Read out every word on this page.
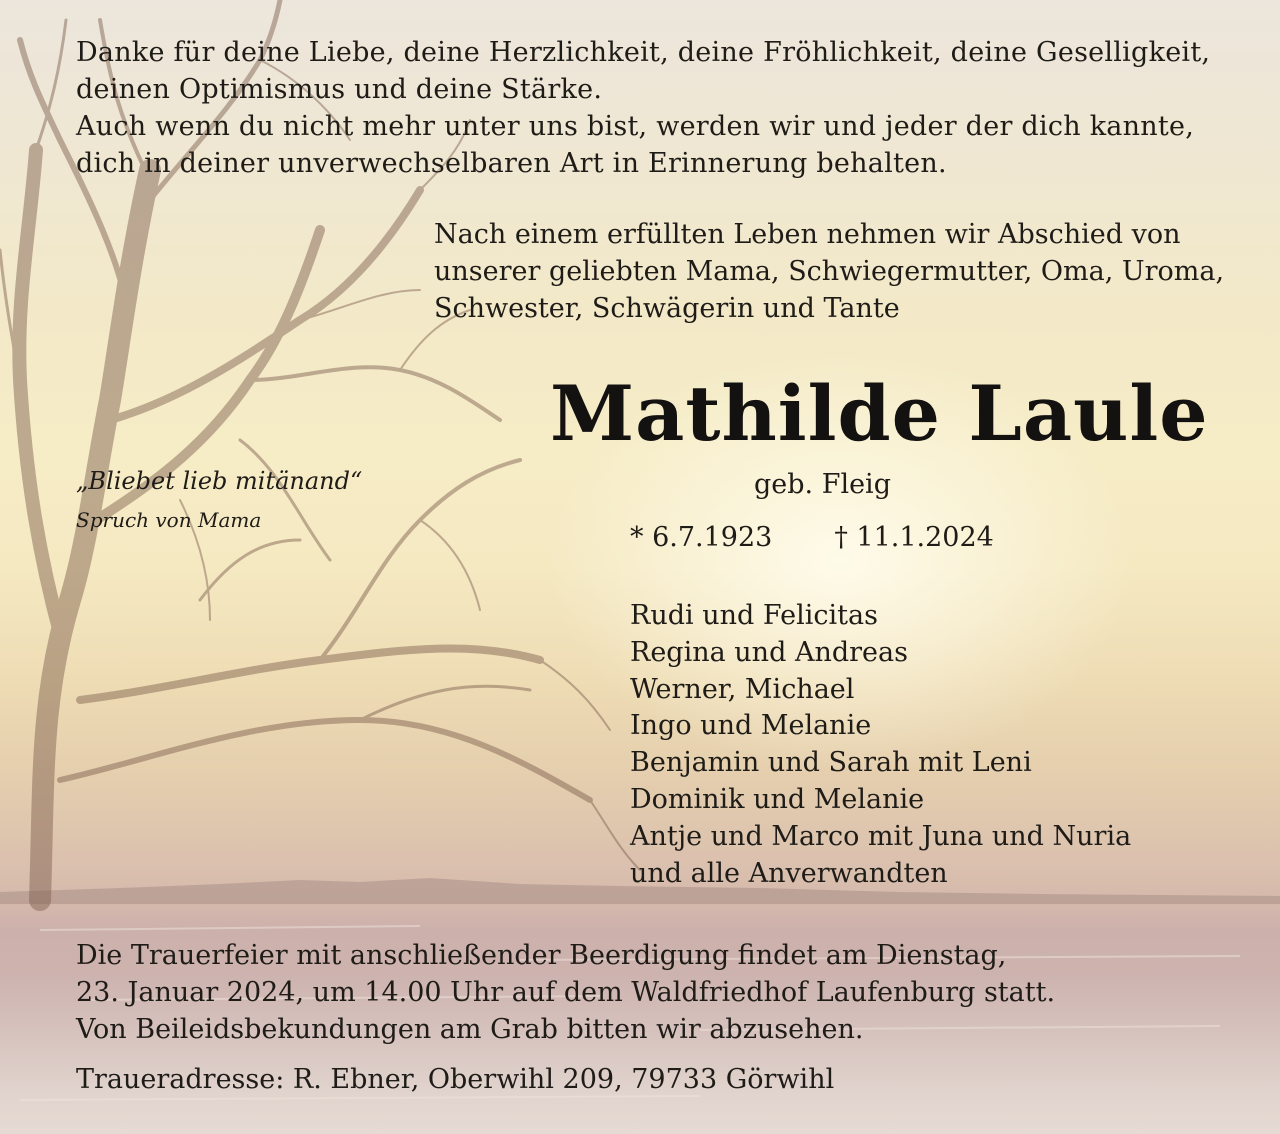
Danke für deine Liebe, deine Herzlichkeit, deine Fröhlichkeit, deine Geselligkeit,
deinen Optimismus und deine Stärke.
Auch wenn du nicht mehr unter uns bist, werden wir und jeder der dich kannte,
dich in deiner unverwechselbaren Art in Erinnerung behalten.

Nach einem erfüllten Leben nehmen wir Abschied von
unserer geliebten Mama, Schwiegermutter, Oma, Uroma,
Schwester, Schwägerin und Tante

Mathilde Laule

geb. Fleig

* 6.7.1923 † 11.1.2024

„Bliebet lieb mitänand“

Spruch von Mama

Rudi und Felicitas
Regina und Andreas
Werner, Michael
Ingo und Melanie
Benjamin und Sarah mit Leni
Dominik und Melanie
Antje und Marco mit Juna und Nuria
und alle Anverwandten

Die Trauerfeier mit anschließender Beerdigung findet am Dienstag,
23. Januar 2024, um 14.00 Uhr auf dem Waldfriedhof Laufenburg statt.
Von Beileidsbekundungen am Grab bitten wir abzusehen.

Traueradresse: R. Ebner, Oberwihl 209, 79733 Görwihl
